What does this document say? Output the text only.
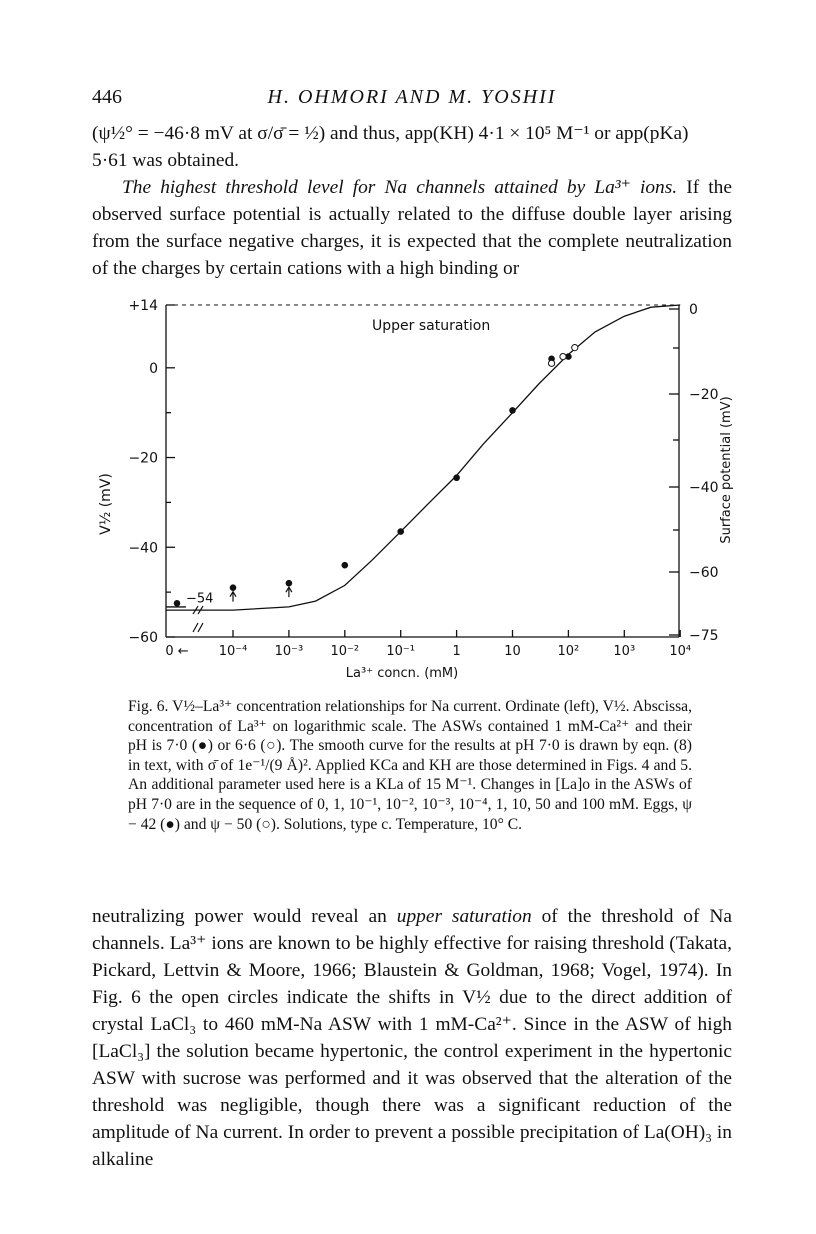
446	H. OHMORI AND M. YOSHII

(ψ½° = −46·8 mV at σ/σ̄ = ½) and thus, app(KH) 4·1 × 10⁵ M⁻¹ or app(pKa)

5·61 was obtained.

The highest threshold level for Na channels attained by La³⁺ ions. If the observed surface potential is actually related to the diffuse double layer arising from the surface negative charges, it is expected that the complete neutralization of the charges by certain cations with a high binding or

+14
0
−20
−40
−60
−54
0
−20
−40
−60
−75
0 ← 10⁻⁴ 10⁻³ 10⁻² 10⁻¹	1	10	10²	10³	10⁴
Upper saturation
La³⁺ concn. (mM)
V½ (mV)	Surface potential (mV)

Fig. 6. V½–La³⁺ concentration relationships for Na current. Ordinate (left), V½. Abscissa, concentration of La³⁺ on logarithmic scale. The ASWs contained 1 mM-Ca²⁺ and their pH is 7·0 (●) or 6·6 (○). The smooth curve for the results at pH 7·0 is drawn by eqn. (8) in text, with σ̄ of 1e⁻¹/(9 Å)². Applied KCa and KH are those determined in Figs. 4 and 5. An additional parameter used here is a KLa of 15 M⁻¹. Changes in [La]o in the ASWs of pH 7·0 are in the sequence of 0, 1, 10⁻¹, 10⁻², 10⁻³, 10⁻⁴, 1, 10, 50 and 100 mM. Eggs, ψ − 42 (●) and ψ − 50 (○). Solutions, type c. Temperature, 10° C.

neutralizing power would reveal an upper saturation of the threshold of Na channels. La³⁺ ions are known to be highly effective for raising threshold (Takata, Pickard, Lettvin & Moore, 1966; Blaustein & Goldman, 1968; Vogel, 1974). In Fig. 6 the open circles indicate the shifts in V½ due to the direct addition of crystal LaCl₃ to 460 mM-Na ASW with 1 mM-Ca²⁺. Since in the ASW of high [LaCl₃] the solution became hypertonic, the control experiment in the hypertonic ASW with sucrose was performed and it was observed that the alteration of the threshold was negligible, though there was a significant reduction of the amplitude of Na current. In order to prevent a possible precipitation of La(OH)₃ in alkaline
